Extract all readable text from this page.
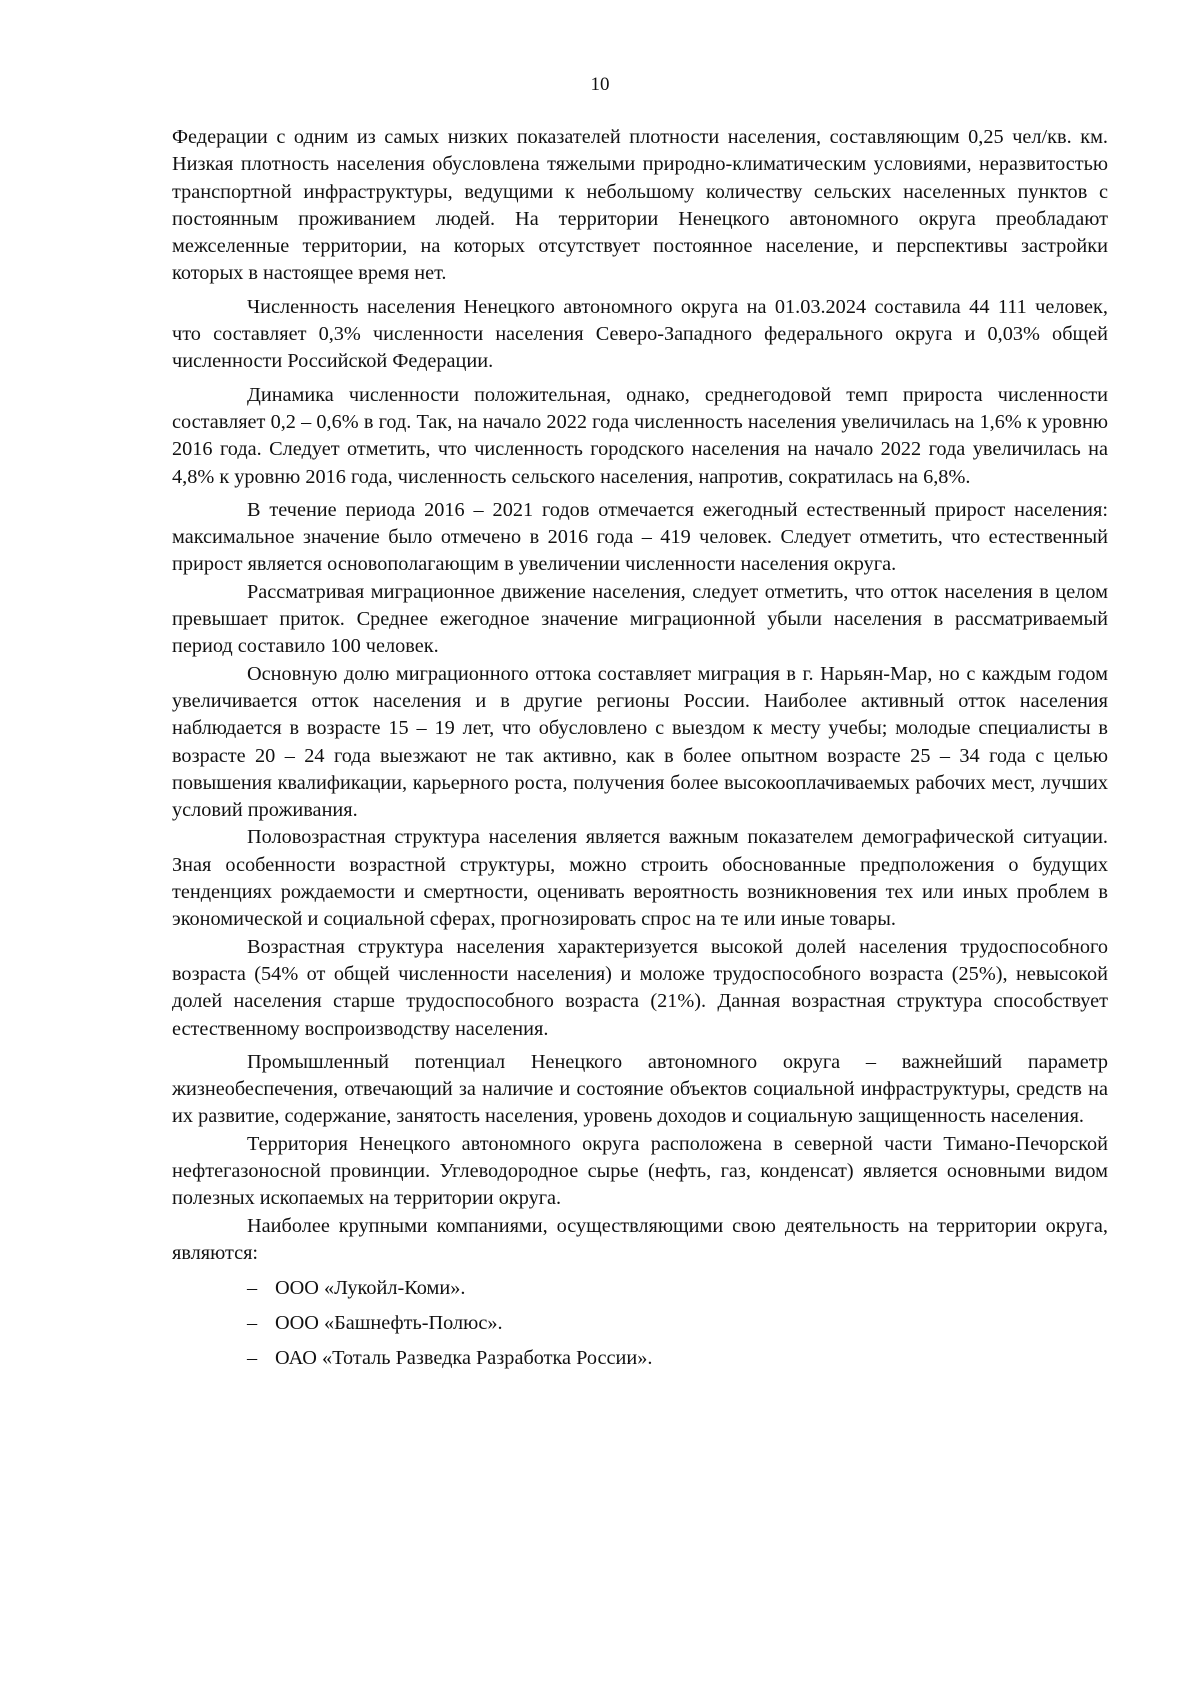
10

Федерации с одним из самых низких показателей плотности населения, составляющим 0,25 чел/кв. км. Низкая плотность населения обусловлена тяжелыми природно-климатическим условиями, неразвитостью транспортной инфраструктуры, ведущими к небольшому количеству сельских населенных пунктов с постоянным проживанием людей. На территории Ненецкого автономного округа преобладают межселенные территории, на которых отсутствует постоянное население, и перспективы застройки которых в настоящее время нет.

Численность населения Ненецкого автономного округа на 01.03.2024 составила 44 111 человек, что составляет 0,3% численности населения Северо-Западного федерального округа и 0,03% общей численности Российской Федерации.

Динамика численности положительная, однако, среднегодовой темп прироста численности составляет 0,2 – 0,6% в год. Так, на начало 2022 года численность населения увеличилась на 1,6% к уровню 2016 года. Следует отметить, что численность городского населения на начало 2022 года увеличилась на 4,8% к уровню 2016 года, численность сельского населения, напротив, сократилась на 6,8%.

В течение периода 2016 – 2021 годов отмечается ежегодный естественный прирост населения: максимальное значение было отмечено в 2016 года – 419 человек. Следует отметить, что естественный прирост является основополагающим в увеличении численности населения округа.

Рассматривая миграционное движение населения, следует отметить, что отток населения в целом превышает приток. Среднее ежегодное значение миграционной убыли населения в рассматриваемый период составило 100 человек.

Основную долю миграционного оттока составляет миграция в г. Нарьян-Мар, но с каждым годом увеличивается отток населения и в другие регионы России. Наиболее активный отток населения наблюдается в возрасте 15 – 19 лет, что обусловлено с выездом к месту учебы; молодые специалисты в возрасте 20 – 24 года выезжают не так активно, как в более опытном возрасте 25 – 34 года с целью повышения квалификации, карьерного роста, получения более высокооплачиваемых рабочих мест, лучших условий проживания.

Половозрастная структура населения является важным показателем демографической ситуации. Зная особенности возрастной структуры, можно строить обоснованные предположения о будущих тенденциях рождаемости и смертности, оценивать вероятность возникновения тех или иных проблем в экономической и социальной сферах, прогнозировать спрос на те или иные товары.

Возрастная структура населения характеризуется высокой долей населения трудоспособного возраста (54% от общей численности населения) и моложе трудоспособного возраста (25%), невысокой долей населения старше трудоспособного возраста (21%). Данная возрастная структура способствует естественному воспроизводству населения.

Промышленный потенциал Ненецкого автономного округа – важнейший параметр жизнеобеспечения, отвечающий за наличие и состояние объектов социальной инфраструктуры, средств на их развитие, содержание, занятость населения, уровень доходов и социальную защищенность населения.

Территория Ненецкого автономного округа расположена в северной части Тимано-Печорской нефтегазоносной провинции. Углеводородное сырье (нефть, газ, конденсат) является основными видом полезных ископаемых на территории округа.

Наиболее крупными компаниями, осуществляющими свою деятельность на территории округа, являются:

– ООО «Лукойл-Коми».
– ООО «Башнефть-Полюс».
– ОАО «Тоталь Разведка Разработка России».
